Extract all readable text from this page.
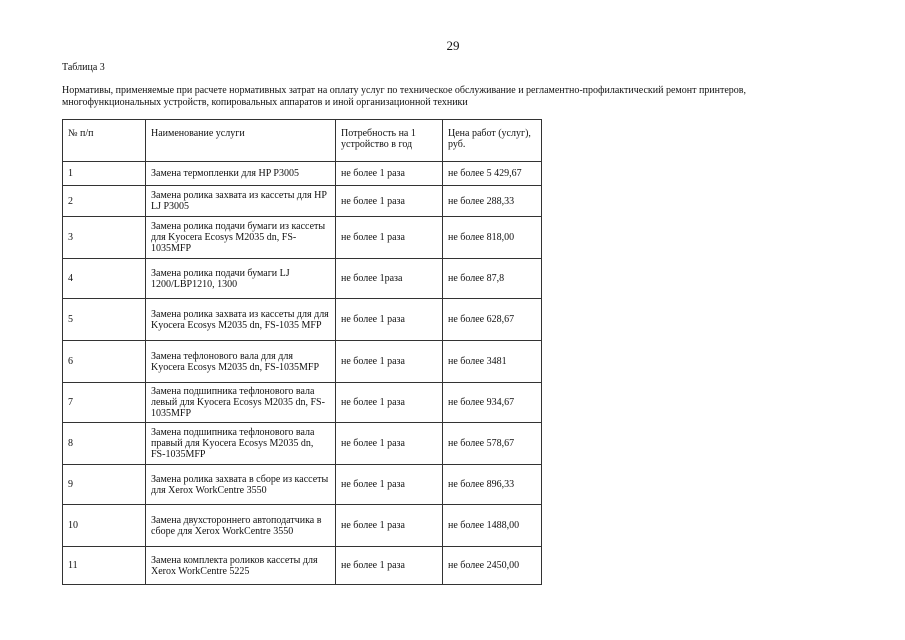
29
Таблица 3
Нормативы, применяемые при расчете нормативных затрат на оплату услуг по техническое обслуживание и регламентно-профилактический ремонт принтеров, многофункциональных устройств, копировальных аппаратов и иной организационной техники
№ п/п	Наименование услуги	Потребность на 1 устройство в год	Цена работ (услуг), руб.
1	Замена термопленки для HP P3005	не более 1 раза	не более 5 429,67
2	Замена ролика захвата из кассеты для HP LJ P3005	не более 1 раза	не более 288,33
3	Замена ролика подачи бумаги из кассеты для Kyocera Ecosys M2035 dn, FS-1035MFP	не более 1 раза	не более 818,00
4	Замена ролика подачи бумаги LJ 1200/LBP1210, 1300	не более 1раза	не более 87,8
5	Замена ролика захвата из кассеты для для Kyocera Ecosys M2035 dn, FS-1035 MFP	не более 1 раза	не более 628,67
6	Замена тефлонового вала для для Kyocera Ecosys M2035 dn, FS-1035MFP	не более 1 раза	не более 3481
7	Замена подшипника тефлонового вала левый для Kyocera Ecosys M2035 dn, FS-1035MFP	не более 1 раза	не более 934,67
8	Замена подшипника тефлонового вала правый для Kyocera Ecosys M2035 dn, FS-1035MFP	не более 1 раза	не более 578,67
9	Замена ролика захвата в сборе из кассеты для Xerox WorkCentre 3550	не более 1 раза	не более 896,33
10	Замена двухстороннего автоподатчика в сборе для Xerox WorkCentre 3550	не более 1 раза	не более 1488,00
11	Замена комплекта роликов кассеты для Xerox WorkCentre 5225	не более 1 раза	не более 2450,00
